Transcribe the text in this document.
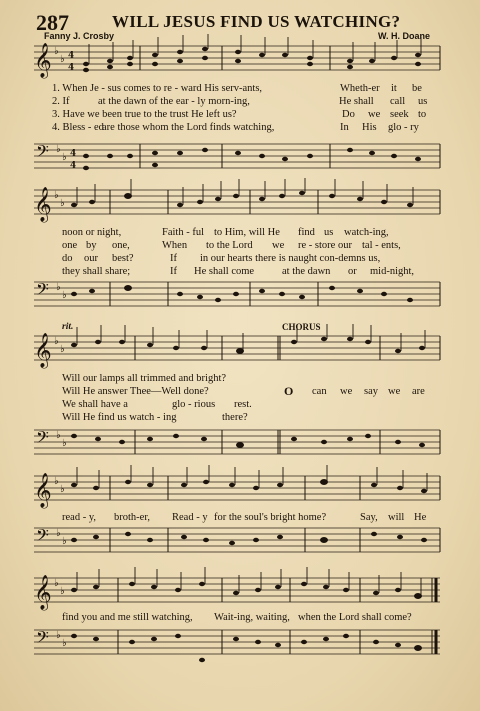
287	WILL JESUS FIND US WATCHING?
Fanny J. Crosby	W. H. Doane
𝄞 ♭
♭ 4
4
1. When Je - sus comes to re - ward His serv-ants,	Wheth-er it be
2. If	at the dawn of the ear - ly morn-ing,	He shall call us
3. Have we been true to the trust He left us?	Do we seek to
4. Bless - ed
are those whom the Lord finds watching,	In His glo - ry
𝄢 ♭
♭ 4
4
𝄞 ♭
♭
noon or night,	Faith - ful to Him, will He find us watch-ing,
one by one,	When to the Lord we re - store our tal - ents,
do our best?	If in our hearts there is naught con-demns us,
they shall share;	If He shall come	at the dawn or mid-night,
𝄢 ♭
♭
rit.	CHORUS
𝄞 ♭
♭
Will our lamps all trimmed and bright?
Will He answer Thee—Well done?
We shall have a	glo - rious rest.
Will He find us watch - ing	there?
O can we say we are
𝄢 ♭
♭
𝄞 ♭
♭
read - y, broth-er, Read - y for the soul's bright home?	Say, will He
𝄢 ♭
♭
𝄞 ♭
♭
find you and me still watching, Wait-ing, waiting, when the Lord shall come?
𝄢 ♭
♭
